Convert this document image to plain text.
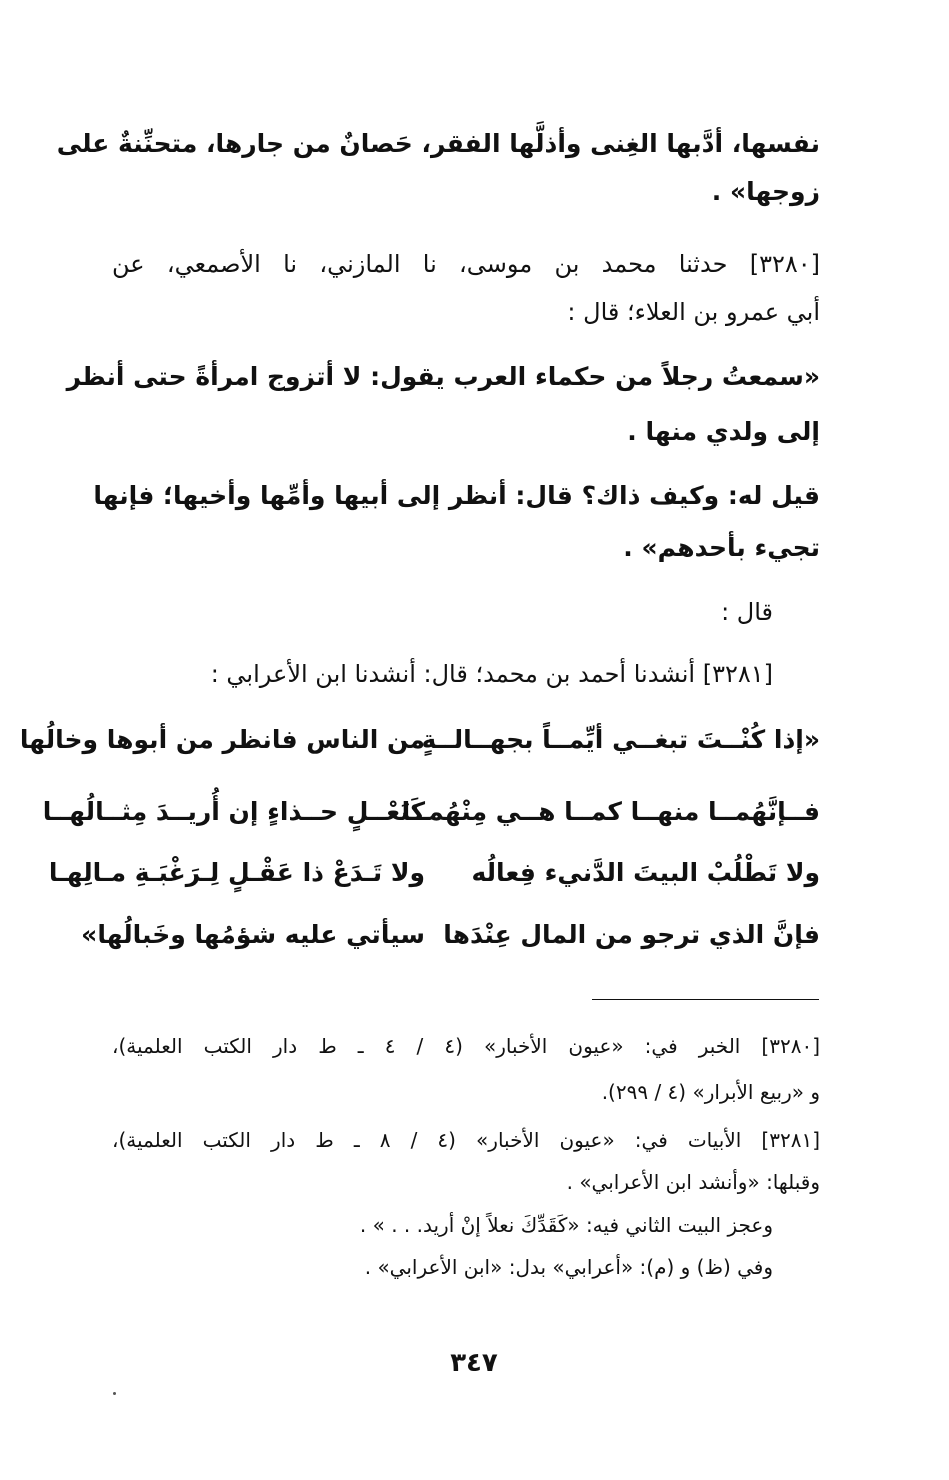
نفسها، أدَّبها الغِنى وأذلَّها الفقر، حَصانٌ من جارها، متحنِّنةٌ على
زوجها» .
[٣٢٨٠] حدثنا محمد بن موسى، نا المازني، نا الأصمعي، عن
أبي عمرو بن العلاء؛ قال :
«سمعتُ رجلاً من حكماء العرب يقول: لا أتزوج امرأةً حتى أنظر
إلى ولدي منها .
قيل له: وكيف ذاك؟ قال: أنظر إلى أبيها وأمِّها وأخيها؛ فإنها
تجيء بأحدهم» .
قال :
[٣٢٨١] أنشدنا أحمد بن محمد؛ قال: أنشدنا ابن الأعرابي :
«إذا كُنْــتَ تبغــي أيِّمــاً بجهــالــةٍ
من الناس فانظر من أبوها وخالُها
فــإنَّهُمــا منهــا كمــا هــي مِنْهُمــا
كَنَعْــلٍ حــذاءٍ إن أُريــدَ مِثــالُهــا
ولا تَطْلُبْ البيتَ الدَّنيء فِعالُه
ولا تَـدَعْ ذا عَقْـلٍ لِـرَغْبَـةِ مـالِهـا
فإنَّ الذي ترجو من المال عِنْدَها
سيأتي عليه شؤمُها وخَبالُها»
[٣٢٨٠] الخبر في: «عيون الأخبار» (٤ / ٤ ـ ط دار الكتب العلمية)،
و «ربيع الأبرار» (٤ / ٢٩٩).
[٣٢٨١] الأبيات في: «عيون الأخبار» (٤ / ٨ ـ ط دار الكتب العلمية)،
وقبلها: «وأنشد ابن الأعرابي» .
وعجز البيت الثاني فيه: «كَقَدِّكَ نعلاً إنْ أريد. . . » .
وفي (ظ) و (م): «أعرابي» بدل: «ابن الأعرابي» .
٣٤٧
